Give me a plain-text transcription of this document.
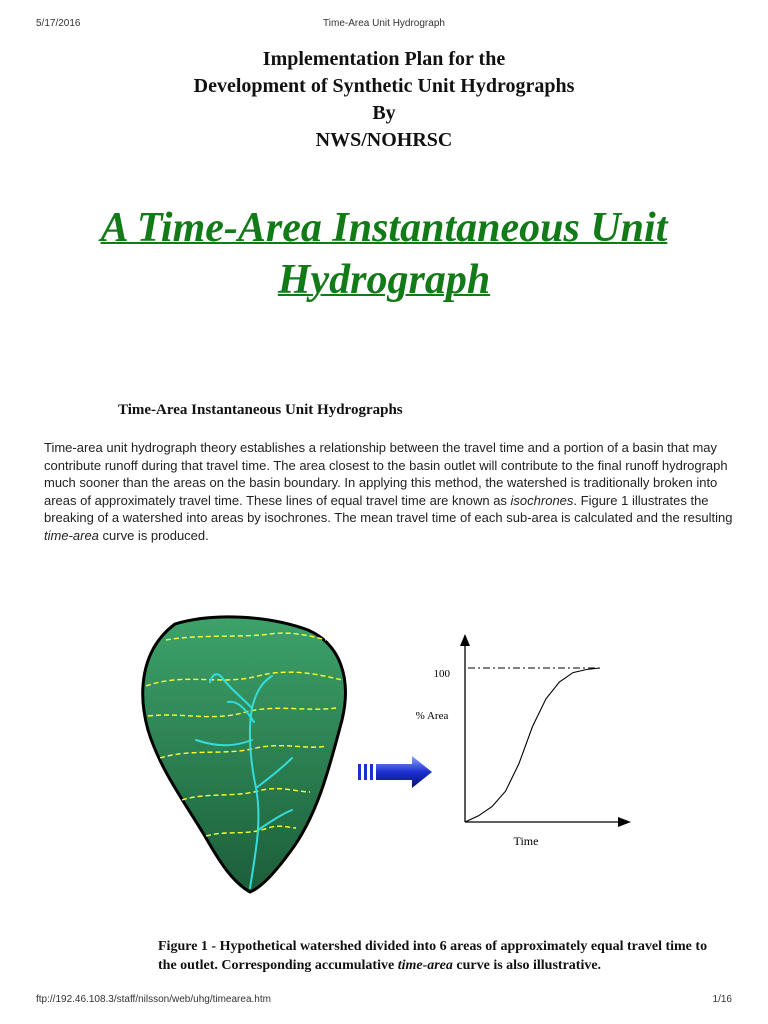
5/17/2016	Time-Area Unit Hydrograph
Implementation Plan for the
Development of Synthetic Unit Hydrographs
By
NWS/NOHRSC
A Time-Area Instantaneous Unit
Hydrograph
Time-Area Instantaneous Unit Hydrographs
Time-area unit hydrograph theory establishes a relationship between the travel time and a portion of a basin that may contribute runoff during that travel time. The area closest to the basin outlet will contribute to the final runoff hydrograph much sooner than the areas on the basin boundary. In applying this method, the watershed is traditionally broken into areas of approximately travel time. These lines of equal travel time are known as isochrones. Figure 1 illustrates the breaking of a watershed into areas by isochrones. The mean travel time of each sub-area is calculated and the resulting time-area curve is produced.
100
% Area
Time
Figure 1 - Hypothetical watershed divided into 6 areas of approximately equal travel time to the outlet. Corresponding accumulative time-area curve is also illustrative.
ftp://192.46.108.3/staff/nilsson/web/uhg/timearea.htm	1/16
